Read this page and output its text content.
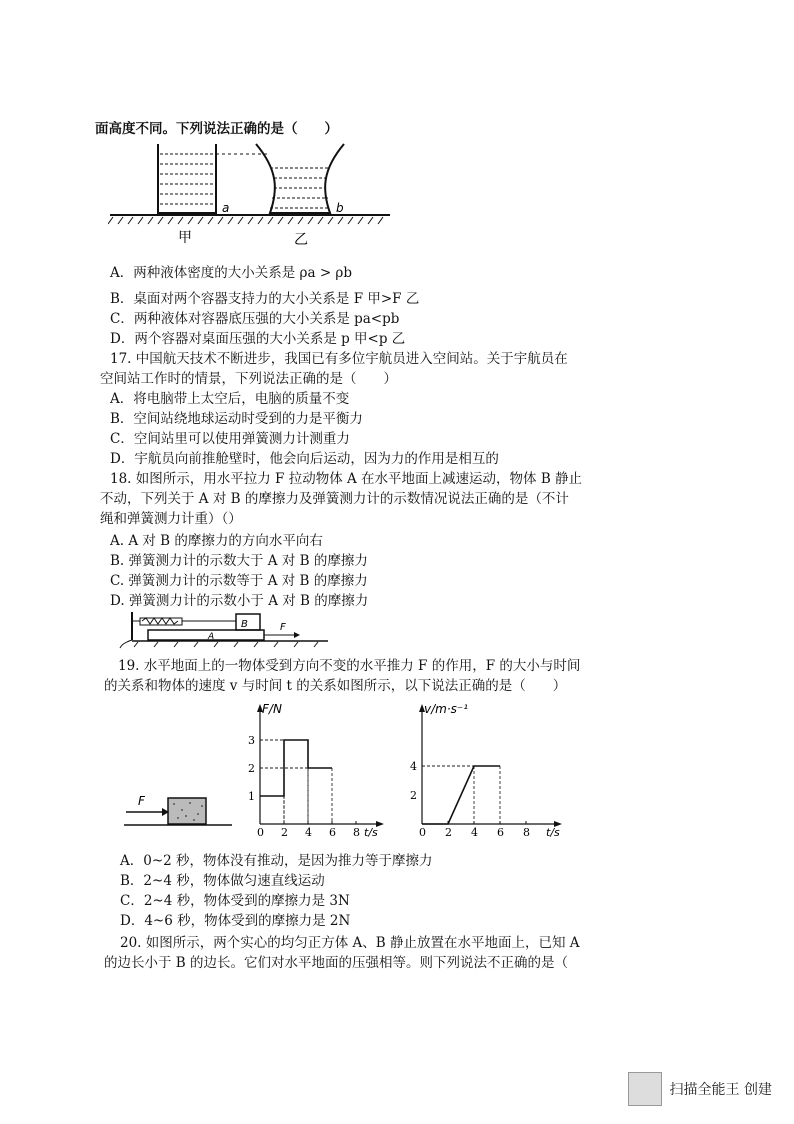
面高度不同。下列说法正确的是（　　）
a	b
甲	乙
A．两种液体密度的大小关系是 ρa > ρb
B．桌面对两个容器支持力的大小关系是 F 甲>F 乙
C．两种液体对容器底压强的大小关系是 pa<pb
D．两个容器对桌面压强的大小关系是 p 甲<p 乙
17. 中国航天技术不断进步，我国已有多位宇航员进入空间站。关于宇航员在
空间站工作时的情景，下列说法正确的是（　　）
A．将电脑带上太空后，电脑的质量不变
B．空间站绕地球运动时受到的力是平衡力
C．空间站里可以使用弹簧测力计测重力
D．宇航员向前推舱壁时，他会向后运动，因为力的作用是相互的
18. 如图所示，用水平拉力 F 拉动物体 A 在水平地面上减速运动，物体 B 静止
不动，下列关于 A 对 B 的摩擦力及弹簧测力计的示数情况说法正确的是（不计
绳和弹簧测力计重）（）
A. A 对 B 的摩擦力的方向水平向右
B. 弹簧测力计的示数大于 A 对 B 的摩擦力
C. 弹簧测力计的示数等于 A 对 B 的摩擦力
D. 弹簧测力计的示数小于 A 对 B 的摩擦力
B
A
F
19. 水平地面上的一物体受到方向不变的水平推力 F 的作用，F 的大小与时间
的关系和物体的速度 v 与时间 t 的关系如图所示，以下说法正确的是（　　）
F
F/N
t/s
0 2 4 6 8
1
2
3
v/m·s⁻¹
t/s
0 2 4 6 8
2
4
A．0~2 秒，物体没有推动，是因为推力等于摩擦力
B．2~4 秒，物体做匀速直线运动
C．2~4 秒，物体受到的摩擦力是 3N
D．4~6 秒，物体受到的摩擦力是 2N
20. 如图所示，两个实心的均匀正方体 A、B 静止放置在水平地面上，已知 A
的边长小于 B 的边长。它们对水平地面的压强相等。则下列说法不正确的是（
扫描全能王 创建
